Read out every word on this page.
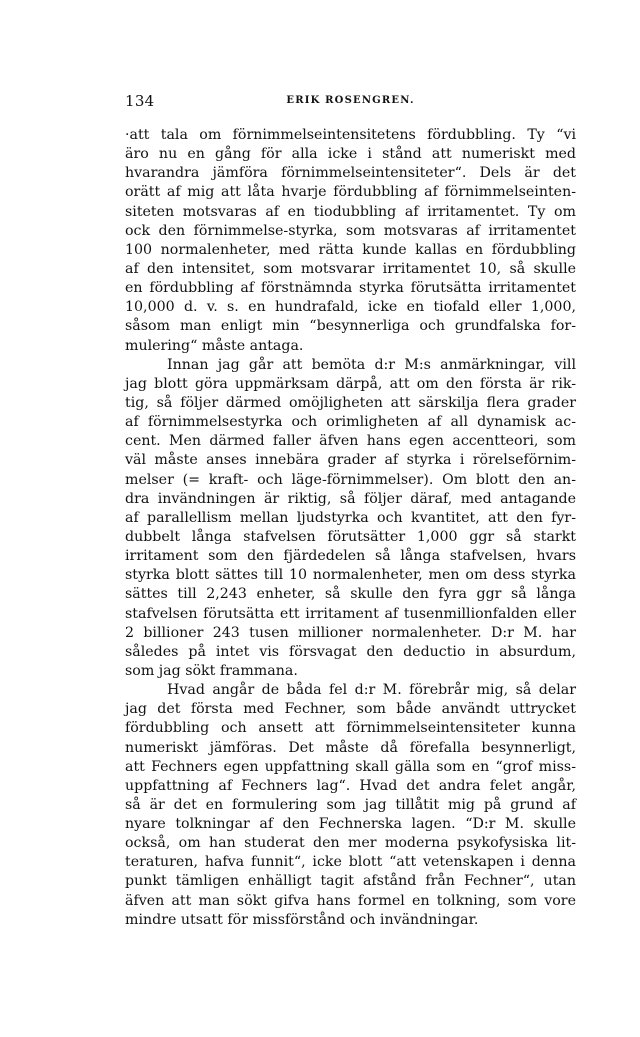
134	ERIK ROSENGREN.
·att tala om förnimmelseintensitetens fördubbling. Ty “vi
äro nu en gång för alla icke i stånd att numeriskt med
hvarandra jämföra förnimmelseintensiteter“. Dels är det
orätt af mig att låta hvarje fördubbling af förnimmelseinten-
siteten motsvaras af en tiodubbling af irritamentet. Ty om
ock den förnimmelse-styrka, som motsvaras af irritamentet
100 normalenheter, med rätta kunde kallas en fördubbling
af den intensitet, som motsvarar irritamentet 10, så skulle
en fördubbling af förstnämnda styrka förutsätta irritamentet
10,000 d. v. s. en hundrafald, icke en tiofald eller 1,000,
såsom man enligt min “besynnerliga och grundfalska for-
mulering“ måste antaga.
Innan jag går att bemöta d:r M:s anmärkningar, vill
jag blott göra uppmärksam därpå, att om den första är rik-
tig, så följer därmed omöjligheten att särskilja flera grader
af förnimmelsestyrka och orimligheten af all dynamisk ac-
cent. Men därmed faller äfven hans egen accentteori, som
väl måste anses innebära grader af styrka i rörelseförnim-
melser (= kraft- och läge-förnimmelser). Om blott den an-
dra invändningen är riktig, så följer däraf, med antagande
af parallellism mellan ljudstyrka och kvantitet, att den fyr-
dubbelt långa stafvelsen förutsätter 1,000 ggr så starkt
irritament som den fjärdedelen så långa stafvelsen, hvars
styrka blott sättes till 10 normalenheter, men om dess styrka
sättes till 2,243 enheter, så skulle den fyra ggr så långa
stafvelsen förutsätta ett irritament af tusenmillionfalden eller
2 billioner 243 tusen millioner normalenheter. D:r M. har
således på intet vis försvagat den deductio in absurdum,
som jag sökt frammana.
Hvad angår de båda fel d:r M. förebrår mig, så delar
jag det första med Fechner, som både användt uttrycket
fördubbling och ansett att förnimmelseintensiteter kunna
numeriskt jämföras. Det måste då förefalla besynnerligt,
att Fechners egen uppfattning skall gälla som en “grof miss-
uppfattning af Fechners lag“. Hvad det andra felet angår,
så är det en formulering som jag tillåtit mig på grund af
nyare tolkningar af den Fechnerska lagen. “D:r M. skulle
också, om han studerat den mer moderna psykofysiska lit-
teraturen, hafva funnit“, icke blott “att vetenskapen i denna
punkt tämligen enhälligt tagit afstånd från Fechner“, utan
äfven att man sökt gifva hans formel en tolkning, som vore
mindre utsatt för missförstånd och invändningar.
